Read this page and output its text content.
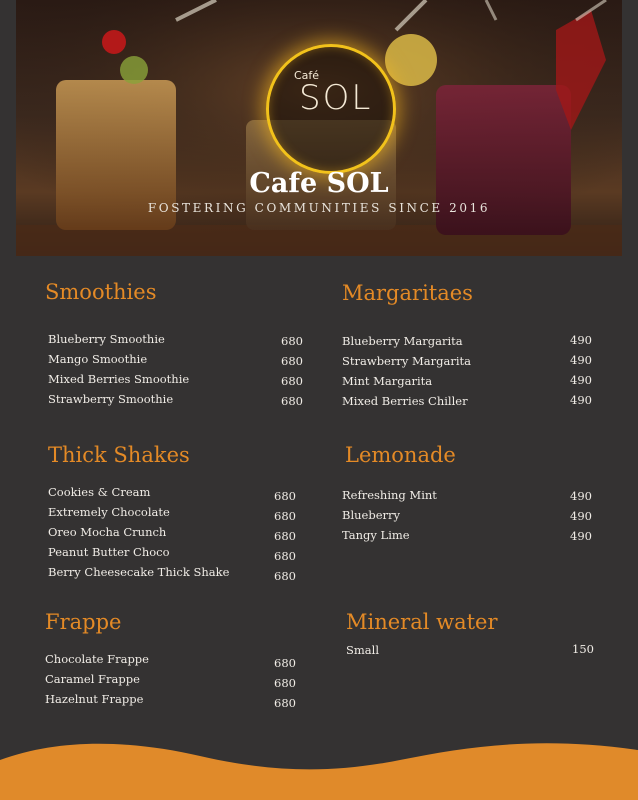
Café
SOL
Cafe SOL
FOSTERING COMMUNITIES SINCE 2016
Smoothies
Blueberry Smoothie	680
Mango Smoothie	680
Mixed Berries Smoothie	680
Strawberry Smoothie	680
Margaritaes
Blueberry Margarita	490
Strawberry Margarita	490
Mint Margarita	490
Mixed Berries Chiller	490
Thick Shakes
Cookies & Cream	680
Extremely Chocolate	680
Oreo Mocha Crunch	680
Peanut Butter Choco	680
Berry Cheesecake Thick Shake	680
Lemonade
Refreshing Mint	490
Blueberry	490
Tangy Lime	490
Frappe
Chocolate Frappe	680
Caramel Frappe	680
Hazelnut Frappe	680
Mineral water
Small	150
